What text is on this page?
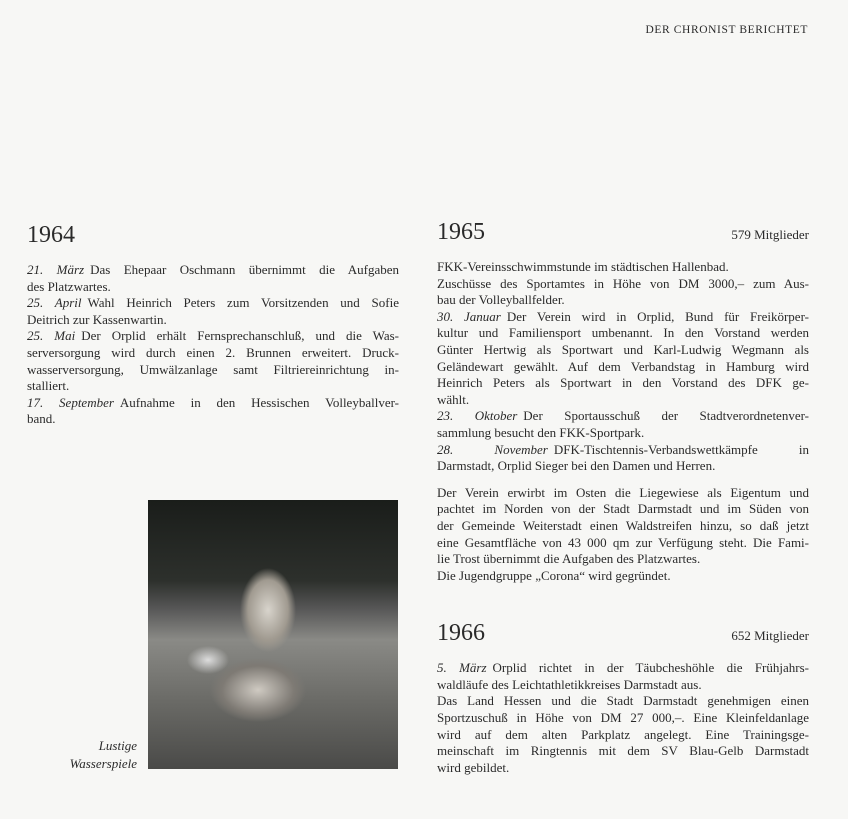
DER CHRONIST BERICHTET
1964
21. März Das Ehepaar Oschmann übernimmt die Aufgaben
des Platzwartes.
25. April Wahl Heinrich Peters zum Vorsitzenden und Sofie
Deitrich zur Kassenwartin.
25. Mai Der Orplid erhält Fernsprechanschluß, und die Was-
serversorgung wird durch einen 2. Brunnen erweitert. Druck-
wasserversorgung, Umwälzanlage samt Filtriereinrichtung in-
stalliert.
17. September Aufnahme in den Hessischen Volleyballver-
band.
1965	579 Mitglieder
FKK-Vereinsschwimmstunde im städtischen Hallenbad.
Zuschüsse des Sportamtes in Höhe von DM 3000,– zum Aus-
bau der Volleyballfelder.
30. Januar Der Verein wird in Orplid, Bund für Freikörper-
kultur und Familiensport umbenannt. In den Vorstand werden
Günter Hertwig als Sportwart und Karl-Ludwig Wegmann als
Geländewart gewählt. Auf dem Verbandstag in Hamburg wird
Heinrich Peters als Sportwart in den Vorstand des DFK ge-
wählt.
23. Oktober Der Sportausschuß der Stadtverordnetenver-
sammlung besucht den FKK-Sportpark.
28. November DFK-Tischtennis-Verbandswettkämpfe in
Darmstadt, Orplid Sieger bei den Damen und Herren.
Der Verein erwirbt im Osten die Liegewiese als Eigentum und
pachtet im Norden von der Stadt Darmstadt und im Süden von
der Gemeinde Weiterstadt einen Waldstreifen hinzu, so daß jetzt
eine Gesamtfläche von 43 000 qm zur Verfügung steht. Die Fami-
lie Trost übernimmt die Aufgaben des Platzwartes.
Die Jugendgruppe „Corona“ wird gegründet.
1966	652 Mitglieder
5. März Orplid richtet in der Täubcheshöhle die Frühjahrs-
waldläufe des Leichtathletikkreises Darmstadt aus.
Das Land Hessen und die Stadt Darmstadt genehmigen einen
Sportzuschuß in Höhe von DM 27 000,–. Eine Kleinfeldanlage
wird auf dem alten Parkplatz angelegt. Eine Trainingsge-
meinschaft im Ringtennis mit dem SV Blau-Gelb Darmstadt
wird gebildet.
Lustige
Wasserspiele
